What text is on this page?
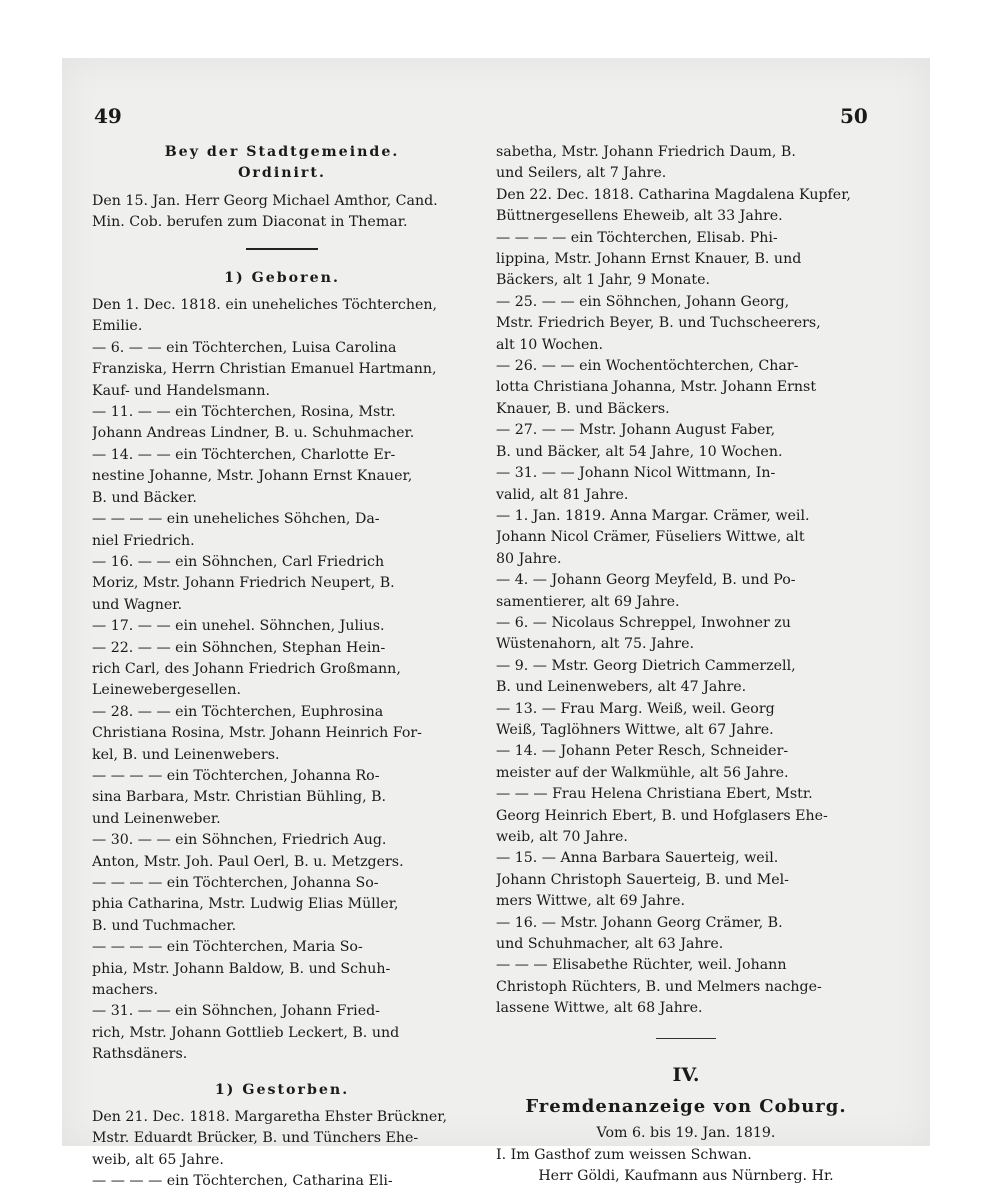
49	50
Bey der Stadtgemeinde.
Ordinirt.
Den 15. Jan. Herr Georg Michael Amthor, Cand.
Min. Cob. berufen zum Diaconat in Themar.
1) Geboren.
Den 1. Dec. 1818. ein uneheliches Töchterchen,
Emilie.
— 6. — — ein Töchterchen, Luisa Carolina
Franziska, Herrn Christian Emanuel Hartmann,
Kauf- und Handelsmann.
— 11. — — ein Töchterchen, Rosina, Mstr.
Johann Andreas Lindner, B. u. Schuhmacher.
— 14. — — ein Töchterchen, Charlotte Er-
nestine Johanne, Mstr. Johann Ernst Knauer,
B. und Bäcker.
— — — — ein uneheliches Söhchen, Da-
niel Friedrich.
— 16. — — ein Söhnchen, Carl Friedrich
Moriz, Mstr. Johann Friedrich Neupert, B.
und Wagner.
— 17. — — ein unehel. Söhnchen, Julius.
— 22. — — ein Söhnchen, Stephan Hein-
rich Carl, des Johann Friedrich Großmann,
Leinewebergesellen.
— 28. — — ein Töchterchen, Euphrosina
Christiana Rosina, Mstr. Johann Heinrich For-
kel, B. und Leinenwebers.
— — — — ein Töchterchen, Johanna Ro-
sina Barbara, Mstr. Christian Bühling, B.
und Leinenweber.
— 30. — — ein Söhnchen, Friedrich Aug.
Anton, Mstr. Joh. Paul Oerl, B. u. Metzgers.
— — — — ein Töchterchen, Johanna So-
phia Catharina, Mstr. Ludwig Elias Müller,
B. und Tuchmacher.
— — — — ein Töchterchen, Maria So-
phia, Mstr. Johann Baldow, B. und Schuh-
machers.
— 31. — — ein Söhnchen, Johann Fried-
rich, Mstr. Johann Gottlieb Leckert, B. und
Rathsdäners.
1) Gestorben.
Den 21. Dec. 1818. Margaretha Ehster Brückner,
Mstr. Eduardt Brücker, B. und Tünchers Ehe-
weib, alt 65 Jahre.
— — — — ein Töchterchen, Catharina Eli-
sabetha, Mstr. Johann Friedrich Daum, B.
und Seilers, alt 7 Jahre.
Den 22. Dec. 1818. Catharina Magdalena Kupfer,
Büttnergesellens Eheweib, alt 33 Jahre.
— — — — ein Töchterchen, Elisab. Phi-
lippina, Mstr. Johann Ernst Knauer, B. und
Bäckers, alt 1 Jahr, 9 Monate.
— 25. — — ein Söhnchen, Johann Georg,
Mstr. Friedrich Beyer, B. und Tuchscheerers,
alt 10 Wochen.
— 26. — — ein Wochentöchterchen, Char-
lotta Christiana Johanna, Mstr. Johann Ernst
Knauer, B. und Bäckers.
— 27. — — Mstr. Johann August Faber,
B. und Bäcker, alt 54 Jahre, 10 Wochen.
— 31. — — Johann Nicol Wittmann, In-
valid, alt 81 Jahre.
— 1. Jan. 1819. Anna Margar. Crämer, weil.
Johann Nicol Crämer, Füseliers Wittwe, alt
80 Jahre.
— 4. — Johann Georg Meyfeld, B. und Po-
samentierer, alt 69 Jahre.
— 6. — Nicolaus Schreppel, Inwohner zu
Wüstenahorn, alt 75. Jahre.
— 9. — Mstr. Georg Dietrich Cammerzell,
B. und Leinenwebers, alt 47 Jahre.
— 13. — Frau Marg. Weiß, weil. Georg
Weiß, Taglöhners Wittwe, alt 67 Jahre.
— 14. — Johann Peter Resch, Schneider-
meister auf der Walkmühle, alt 56 Jahre.
— — — Frau Helena Christiana Ebert, Mstr.
Georg Heinrich Ebert, B. und Hofglasers Ehe-
weib, alt 70 Jahre.
— 15. — Anna Barbara Sauerteig, weil.
Johann Christoph Sauerteig, B. und Mel-
mers Wittwe, alt 69 Jahre.
— 16. — Mstr. Johann Georg Crämer, B.
und Schuhmacher, alt 63 Jahre.
— — — Elisabethe Rüchter, weil. Johann
Christoph Rüchters, B. und Melmers nachge-
lassene Wittwe, alt 68 Jahre.
IV.
Fremdenanzeige von Coburg.
Vom 6. bis 19. Jan. 1819.
I. Im Gasthof zum weissen Schwan.
Herr Göldi, Kaufmann aus Nürnberg. Hr.
